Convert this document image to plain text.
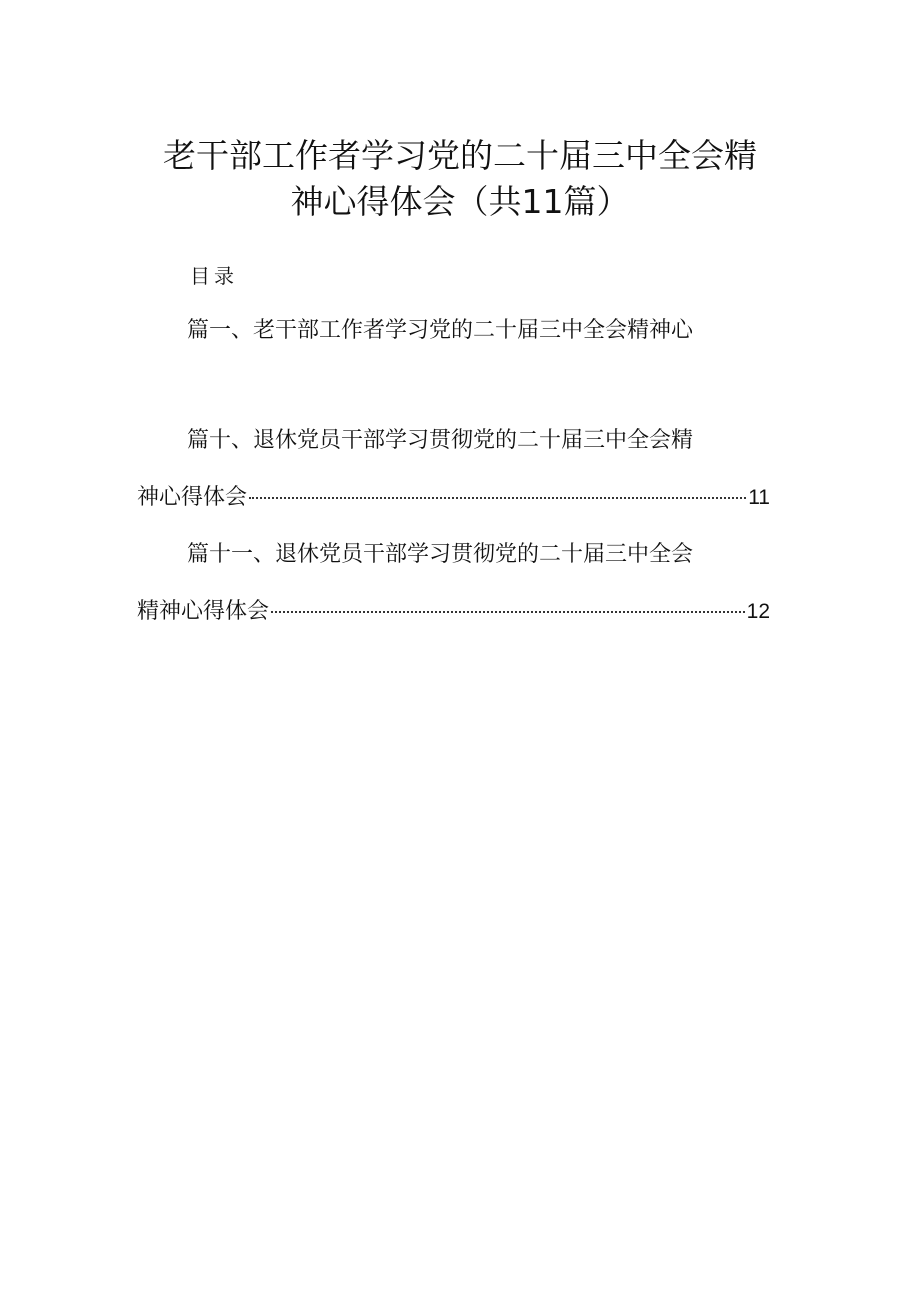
老干部工作者学习党的二十届三中全会精
神心得体会（共11篇）
目录
篇一、老干部工作者学习党的二十届三中全会精神心
篇十、退休党员干部学习贯彻党的二十届三中全会精
神心得体会	11
篇十一、退休党员干部学习贯彻党的二十届三中全会
精神心得体会	12
